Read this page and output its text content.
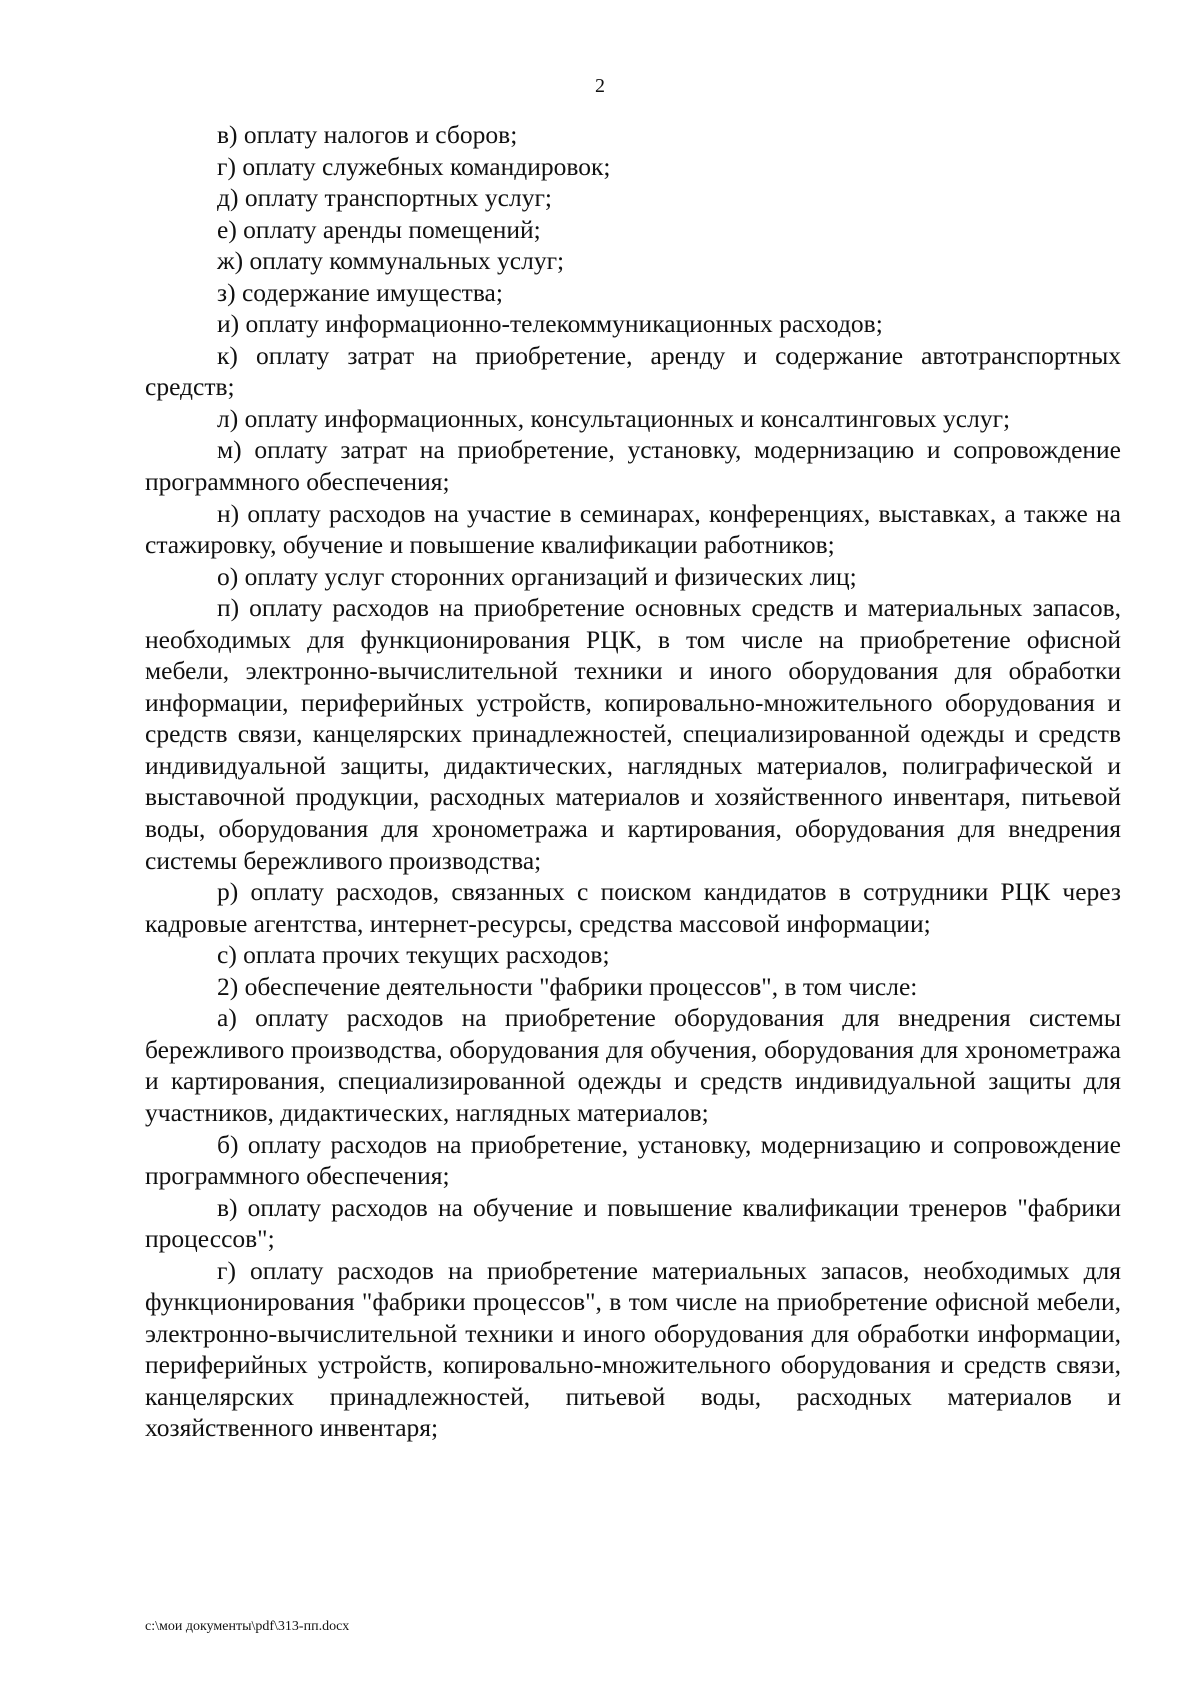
2

в) оплату налогов и сборов;

г) оплату служебных командировок;

д) оплату транспортных услуг;

е) оплату аренды помещений;

ж) оплату коммунальных услуг;

з) содержание имущества;

и) оплату информационно-телекоммуникационных расходов;

к) оплату затрат на приобретение, аренду и содержание автотранспортных средств;

л) оплату информационных, консультационных и консалтинговых услуг;

м) оплату затрат на приобретение, установку, модернизацию и сопровождение программного обеспечения;

н) оплату расходов на участие в семинарах, конференциях, выставках, а также на стажировку, обучение и повышение квалификации работников;

о) оплату услуг сторонних организаций и физических лиц;

п) оплату расходов на приобретение основных средств и материальных запасов, необходимых для функционирования РЦК, в том числе на приобретение офисной мебели, электронно-вычислительной техники и иного оборудования для обработки информации, периферийных устройств, копировально-множительного оборудования и средств связи, канцелярских принадлежностей, специализированной одежды и средств индивидуальной защиты, дидактических, наглядных материалов, полиграфической и выставочной продукции, расходных материалов и хозяйственного инвентаря, питьевой воды, оборудования для хронометража и картирования, оборудования для внедрения системы бережливого производства;

р) оплату расходов, связанных с поиском кандидатов в сотрудники РЦК через кадровые агентства, интернет-ресурсы, средства массовой информации;

с) оплата прочих текущих расходов;

2) обеспечение деятельности "фабрики процессов", в том числе:

а) оплату расходов на приобретение оборудования для внедрения системы бережливого производства, оборудования для обучения, оборудования для хронометража и картирования, специализированной одежды и средств индивидуальной защиты для участников, дидактических, наглядных материалов;

б) оплату расходов на приобретение, установку, модернизацию и сопровождение программного обеспечения;

в) оплату расходов на обучение и повышение квалификации тренеров "фабрики процессов";

г) оплату расходов на приобретение материальных запасов, необходимых для функционирования "фабрики процессов", в том числе на приобретение офисной мебели, электронно-вычислительной техники и иного оборудования для обработки информации, периферийных устройств, копировально-множительного оборудования и средств связи, канцелярских принадлежностей, питьевой воды, расходных материалов и хозяйственного инвентаря;

c:\мои документы\pdf\313-пп.docx
